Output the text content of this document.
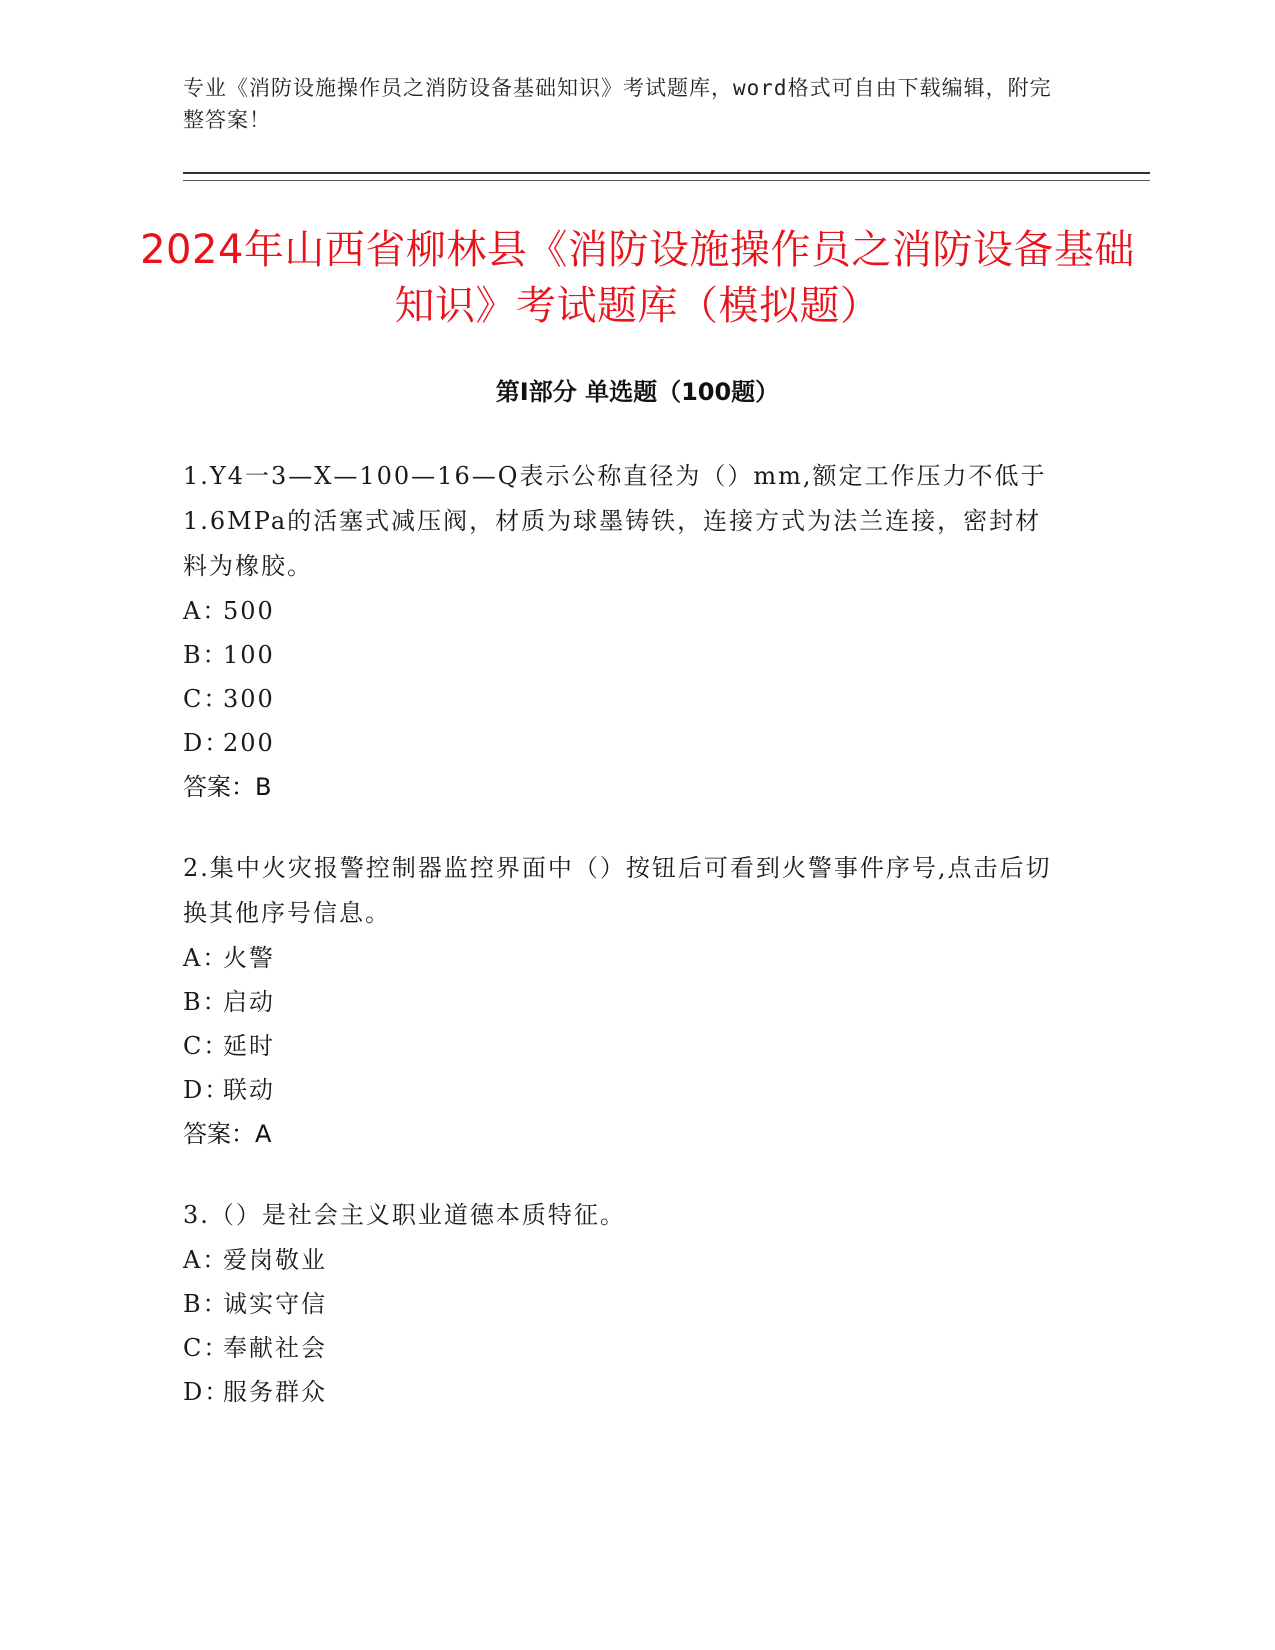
专业《消防设施操作员之消防设备基础知识》考试题库，word格式可自由下载编辑，附完整答案！
2024年山西省柳林县《消防设施操作员之消防设备基础知识》考试题库（模拟题）
第I部分 单选题（100题）

1.Y4一3—X—100—16—Q表示公称直径为（）mm,额定工作压力不低于1.6MPa的活塞式减压阀，材质为球墨铸铁，连接方式为法兰连接，密封材料为橡胶。

A：500

B：100

C：300

D：200

答案：B

2.集中火灾报警控制器监控界面中（）按钮后可看到火警事件序号,点击后切换其他序号信息。

A：火警

B：启动

C：延时

D：联动

答案：A

3.（）是社会主义职业道德本质特征。

A：爱岗敬业

B：诚实守信

C：奉献社会

D：服务群众
